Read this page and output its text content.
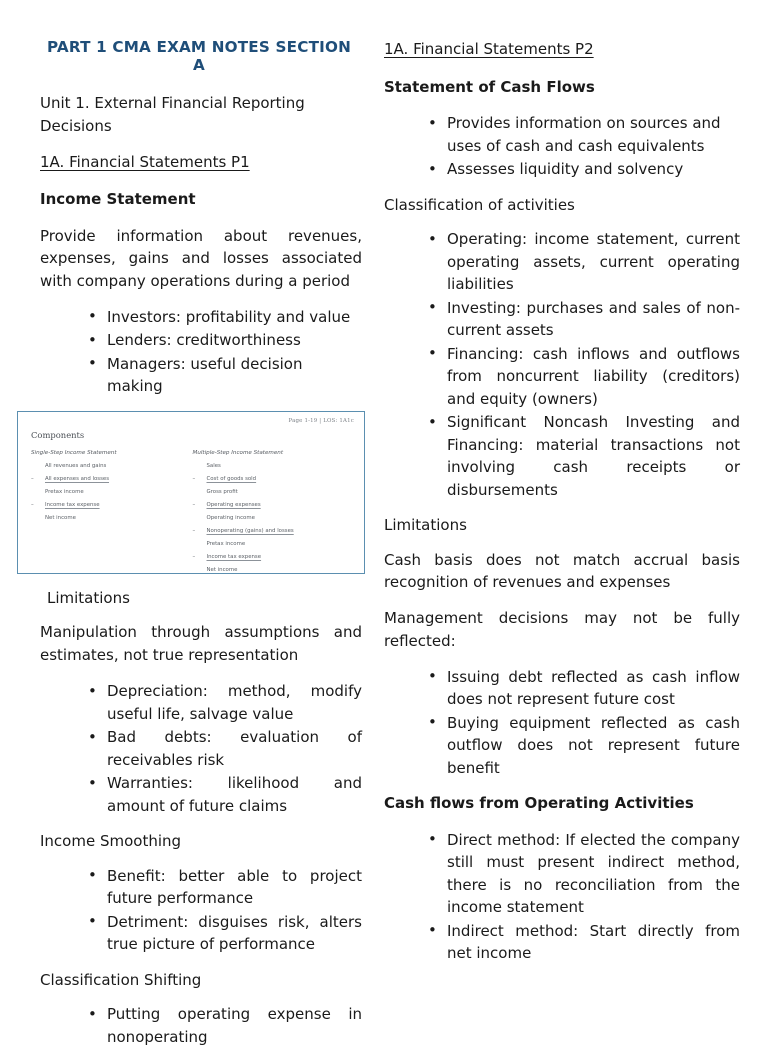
PART 1 CMA EXAM NOTES SECTION A
Unit 1. External Financial Reporting Decisions
1A. Financial Statements P1
Income Statement
Provide information about revenues, expenses, gains and losses associated with company operations during a period
• Investors: profitability and value
• Lenders: creditworthiness
• Managers: useful decision making
Page 1-19 | LOS: 1A1c
Components
Single-Step Income Statement
All revenues and gains
– All expenses and losses
Pretax income
– Income tax expense
Net income
Multiple-Step Income Statement
Sales
– Cost of goods sold
Gross profit
– Operating expenses
Operating income
– Nonoperating (gains) and losses
Pretax income
– Income tax expense
Net income
Limitations
Manipulation through assumptions and estimates, not true representation
• Depreciation: method, modify useful life, salvage value
• Bad debts: evaluation of receivables risk
• Warranties: likelihood and amount of future claims
Income Smoothing
• Benefit: better able to project future performance
• Detriment: disguises risk, alters true picture of performance
Classification Shifting
• Putting operating expense in nonoperating
1A. Financial Statements P2
Statement of Cash Flows
• Provides information on sources and uses of cash and cash equivalents
• Assesses liquidity and solvency
Classification of activities
• Operating: income statement, current operating assets, current operating liabilities
• Investing: purchases and sales of non-current assets
• Financing: cash inflows and outflows from noncurrent liability (creditors) and equity (owners)
• Significant Noncash Investing and Financing: material transactions not involving cash receipts or disbursements
Limitations
Cash basis does not match accrual basis recognition of revenues and expenses
Management decisions may not be fully reflected:
• Issuing debt reflected as cash inflow does not represent future cost
• Buying equipment reflected as cash outflow does not represent future benefit
Cash flows from Operating Activities
• Direct method: If elected the company still must present indirect method, there is no reconciliation from the income statement
• Indirect method: Start directly from net income
